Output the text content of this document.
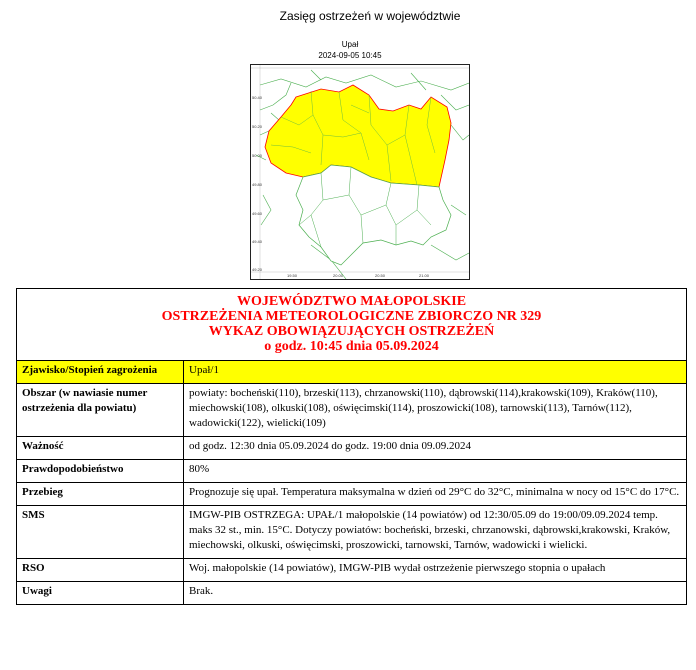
Zasięg ostrzeżeń w województwie
Upał
2024-09-05 10:45
50.40
50.20
50.00
49.80
49.60
49.40
49.20
19.50	20.00	20.50	21.00
WOJEWÓDZTWO MAŁOPOLSKIE
OSTRZEŻENIA METEOROLOGICZNE ZBIORCZO NR 329
WYKAZ OBOWIĄZUJĄCYCH OSTRZEŻEŃ
o godz. 10:45 dnia 05.09.2024	

Zjawisko/Stopień zagrożenia	Upał/1
Obszar (w nawiasie numer ostrzeżenia dla powiatu)	powiaty: bocheński(110), brzeski(113), chrzanowski(110), dąbrowski(114),krakowski(109), Kraków(110), miechowski(108), olkuski(108), oświęcimski(114), proszowicki(108), tarnowski(113), Tarnów(112), wadowicki(122), wielicki(109)
Ważność	od godz. 12:30 dnia 05.09.2024 do godz. 19:00 dnia 09.09.2024
Prawdopodobieństwo	80%
Przebieg	Prognozuje się upał. Temperatura maksymalna w dzień od 29°C do 32°C, minimalna w nocy od 15°C do 17°C.
SMS	IMGW-PIB OSTRZEGA: UPAŁ/1 małopolskie (14 powiatów) od 12:30/05.09 do 19:00/09.09.2024 temp. maks 32 st., min. 15°C. Dotyczy powiatów: bocheński, brzeski, chrzanowski, dąbrowski,krakowski, Kraków, miechowski, olkuski, oświęcimski, proszowicki, tarnowski, Tarnów, wadowicki i wielicki.
RSO	Woj. małopolskie (14 powiatów), IMGW-PIB wydał ostrzeżenie pierwszego stopnia o upałach
Uwagi	Brak.
